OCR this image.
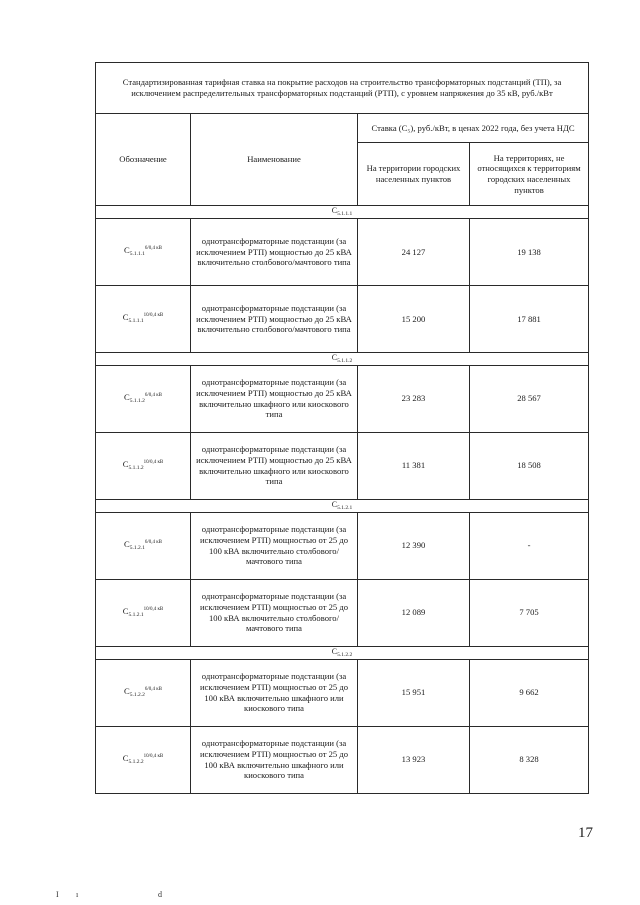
Стандартизированная тарифная ставка на покрытие расходов на строительство трансформаторных подстанций (ТП), за исключением распределительных трансформаторных подстанций (РТП), с уровнем напряжения до 35 кВ, руб./кВт			
Обозначение	Наименование	Ставка (С₅), руб./кВт, в ценах 2022 года, без учета НДС	
		На территории городских населенных пунктов	На территориях, не относящихся к территориям городских населенных пунктов
$С_{5.1.1.1}$
$С_{5.1.1.1}^{6/0,4 кВ}$	однотрансформаторные подстанции (за исключением РТП) мощностью до 25 кВА включительно столбового/мачтового типа	24 127	19 138
$С_{5.1.1.1}^{10/0,4 кВ}$	однотрансформаторные подстанции (за исключением РТП) мощностью до 25 кВА включительно столбового/мачтового типа	15 200	17 881
$С_{5.1.1.2}$
$С_{5.1.1.2}^{6/0,4 кВ}$	однотрансформаторные подстанции (за исключением РТП) мощностью до 25 кВА включительно шкафного или киоскового типа	23 283	28 567
$С_{5.1.1.2}^{10/0,4 кВ}$	однотрансформаторные подстанции (за исключением РТП) мощностью до 25 кВА включительно шкафного или киоскового типа	11 381	18 508
$С_{5.1.2.1}$
$С_{5.1.2.1}^{6/0,4 кВ}$	однотрансформаторные подстанции (за исключением РТП) мощностью от 25 до 100 кВА включительно столбового/мачтового типа	12 390	-
$С_{5.1.2.1}^{10/0,4 кВ}$	однотрансформаторные подстанции (за исключением РТП) мощностью от 25 до 100 кВА включительно столбового/мачтового типа	12 089	7 705
$С_{5.1.2.2}$
$С_{5.1.2.2}^{6/0,4 кВ}$	однотрансформаторные подстанции (за исключением РТП) мощностью от 25 до 100 кВА включительно шкафного или киоскового типа	15 951	9 662
$С_{5.1.2.2}^{10/0,4 кВ}$	однотрансформаторные подстанции (за исключением РТП) мощностью от 25 до 100 кВА включительно шкафного или киоскового типа	13 923	8 328
17
I ı	d
